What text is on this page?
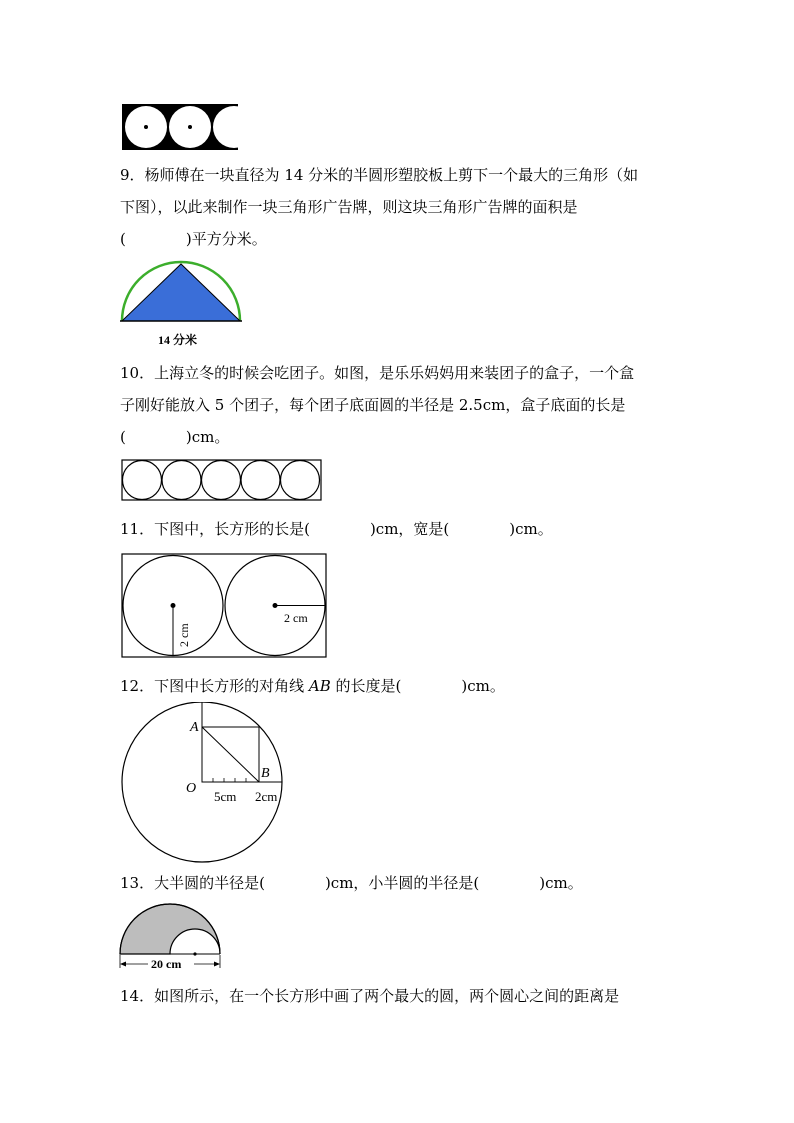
9．杨师傅在一块直径为 14 分米的半圆形塑胶板上剪下一个最大的三角形（如
下图），以此来制作一块三角形广告牌，则这块三角形广告牌的面积是
(　　　　)平方分米。
14 分米
10．上海立冬的时候会吃团子。如图，是乐乐妈妈用来装团子的盒子，一个盒
子刚好能放入 5 个团子，每个团子底面圆的半径是 2.5cm，盒子底面的长是
(　　　　)cm。
11．下图中，长方形的长是(　　　　)cm，宽是(　　　　)cm。
2 cm
2 cm
12．下图中长方形的对角线 AB 的长度是(　　　　)cm。
A
B
O
5cm 2cm
13．大半圆的半径是(　　　　)cm，小半圆的半径是(　　　　)cm。
20 cm
14．如图所示，在一个长方形中画了两个最大的圆，两个圆心之间的距离是
